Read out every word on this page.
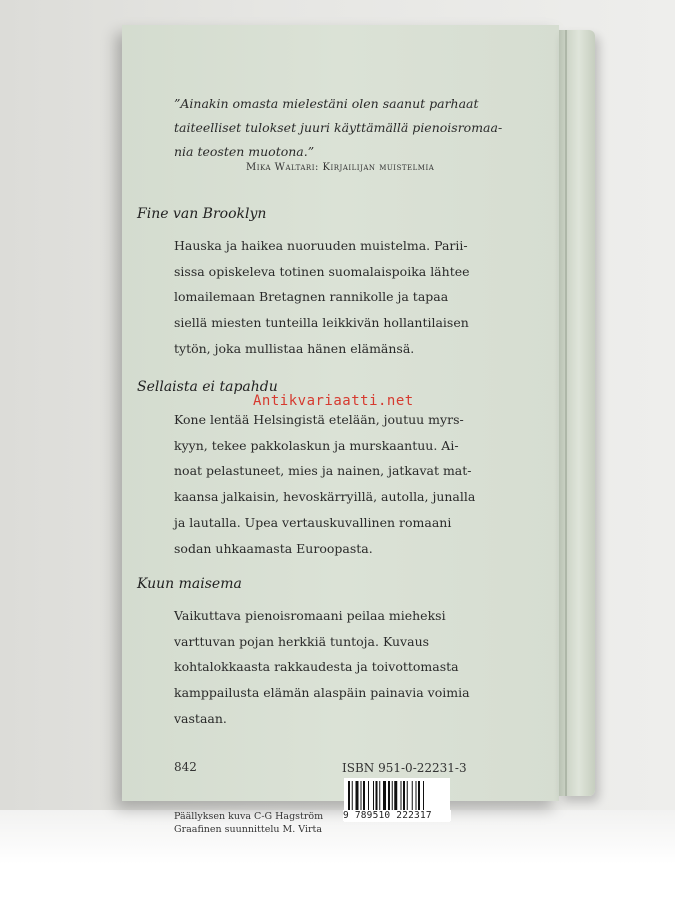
”Ainakin omasta mielestäni olen saanut parhaat
taiteelliset tulokset juuri käyttämällä pienoisromaa-
nia teosten muotona.”
Mika Waltari: Kirjailijan muistelmia
Fine van Brooklyn
Hauska ja haikea nuoruuden muistelma. Parii-
sissa opiskeleva totinen suomalaispoika lähtee
lomailemaan Bretagnen rannikolle ja tapaa
siellä miesten tunteilla leikkivän hollantilaisen
tytön, joka mullistaa hänen elämänsä.
Sellaista ei tapahdu
Kone lentää Helsingistä etelään, joutuu myrs-
kyyn, tekee pakkolaskun ja murskaantuu. Ai-
noat pelastuneet, mies ja nainen, jatkavat mat-
kaansa jalkaisin, hevoskärryillä, autolla, junalla
ja lautalla. Upea vertauskuvallinen romaani
sodan uhkaamasta Euroopasta.
Kuun maisema
Vaikuttava pienoisromaani peilaa mieheksi
varttuvan pojan herkkiä tuntoja. Kuvaus
kohtalokkaasta rakkaudesta ja toivottomasta
kamppailusta elämän alaspäin painavia voimia
vastaan.
Antikvariaatti.net
842	ISBN 951-0-22231-3
Päällyksen kuva C-G Hagström
Graafinen suunnittelu M. Virta
9 789510 222317
